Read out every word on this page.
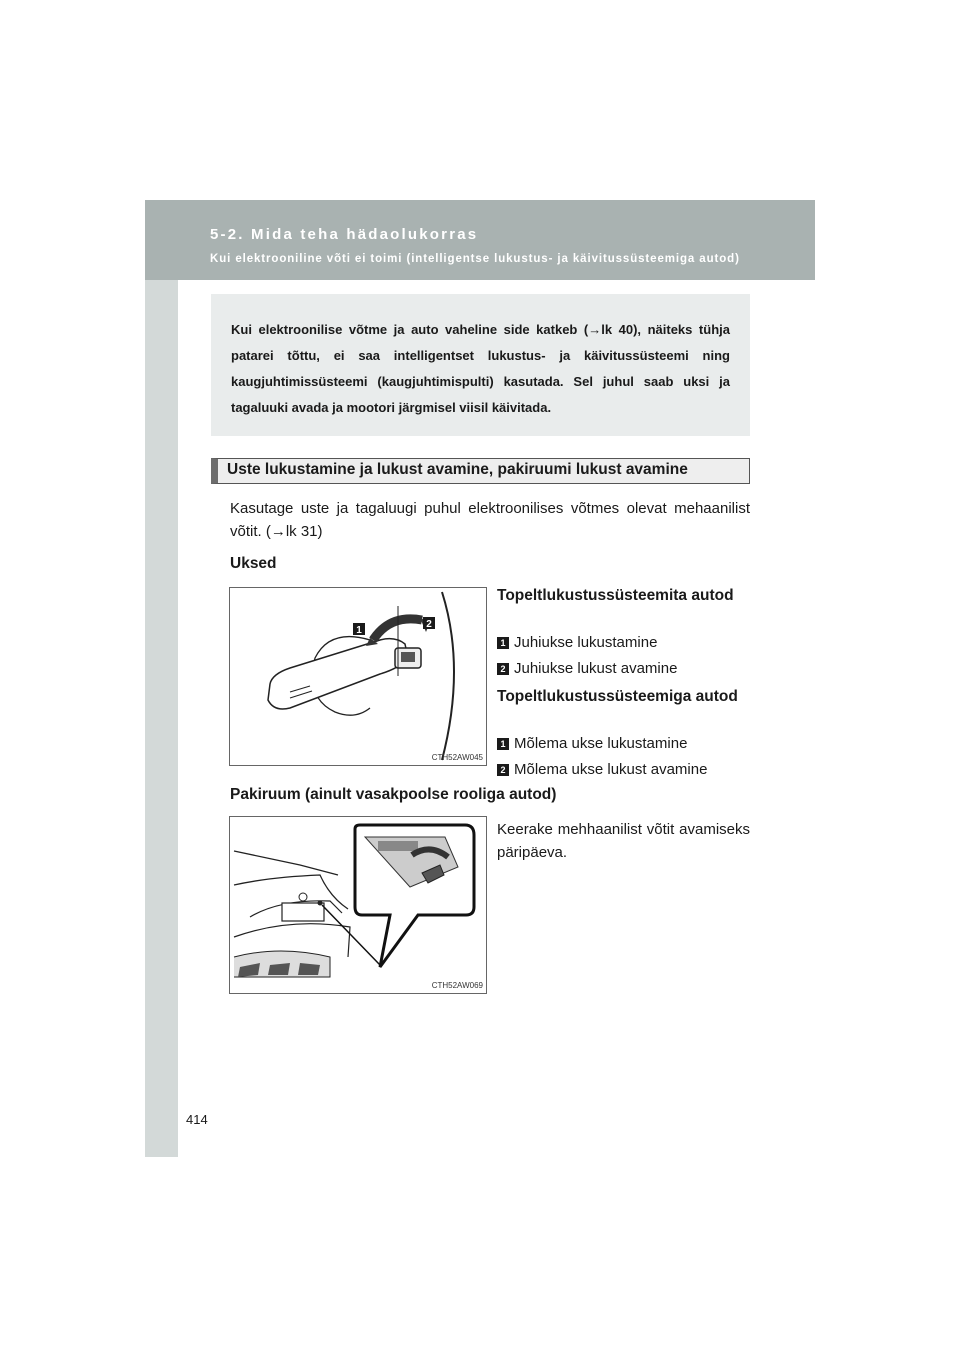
5-2. Mida teha hädaolukorras
Kui elektrooniline võti ei toimi (intelligentse lukustus- ja käivitussüsteemiga autod)

Kui elektroonilise võtme ja auto vaheline side katkeb (→lk 40), näiteks tühja patarei tõttu, ei saa intelligentset lukustus- ja käivitussüsteemi ning kaugjuhtimissüsteemi (kaugjuhtimispulti) kasutada. Sel juhul saab uksi ja tagaluuki avada ja mootori järgmisel viisil käivitada.

Uste lukustamine ja lukust avamine, pakiruumi lukust avamine

Kasutage uste ja tagaluugi puhul elektroonilises võtmes olevat mehaanilist võtit. (→lk 31)

Uksed
1
2
CTH52AW045
Topeltlukustussüsteemita autod
1 Juhiukse lukustamine
2 Juhiukse lukust avamine
Topeltlukustussüsteemiga autod
1 Mõlema ukse lukustamine
2 Mõlema ukse lukust avamine
Pakiruum (ainult vasakpoolse rooliga autod)
CTH52AW069

Keerake mehhaanilist võtit avamiseks päripäeva.

414
